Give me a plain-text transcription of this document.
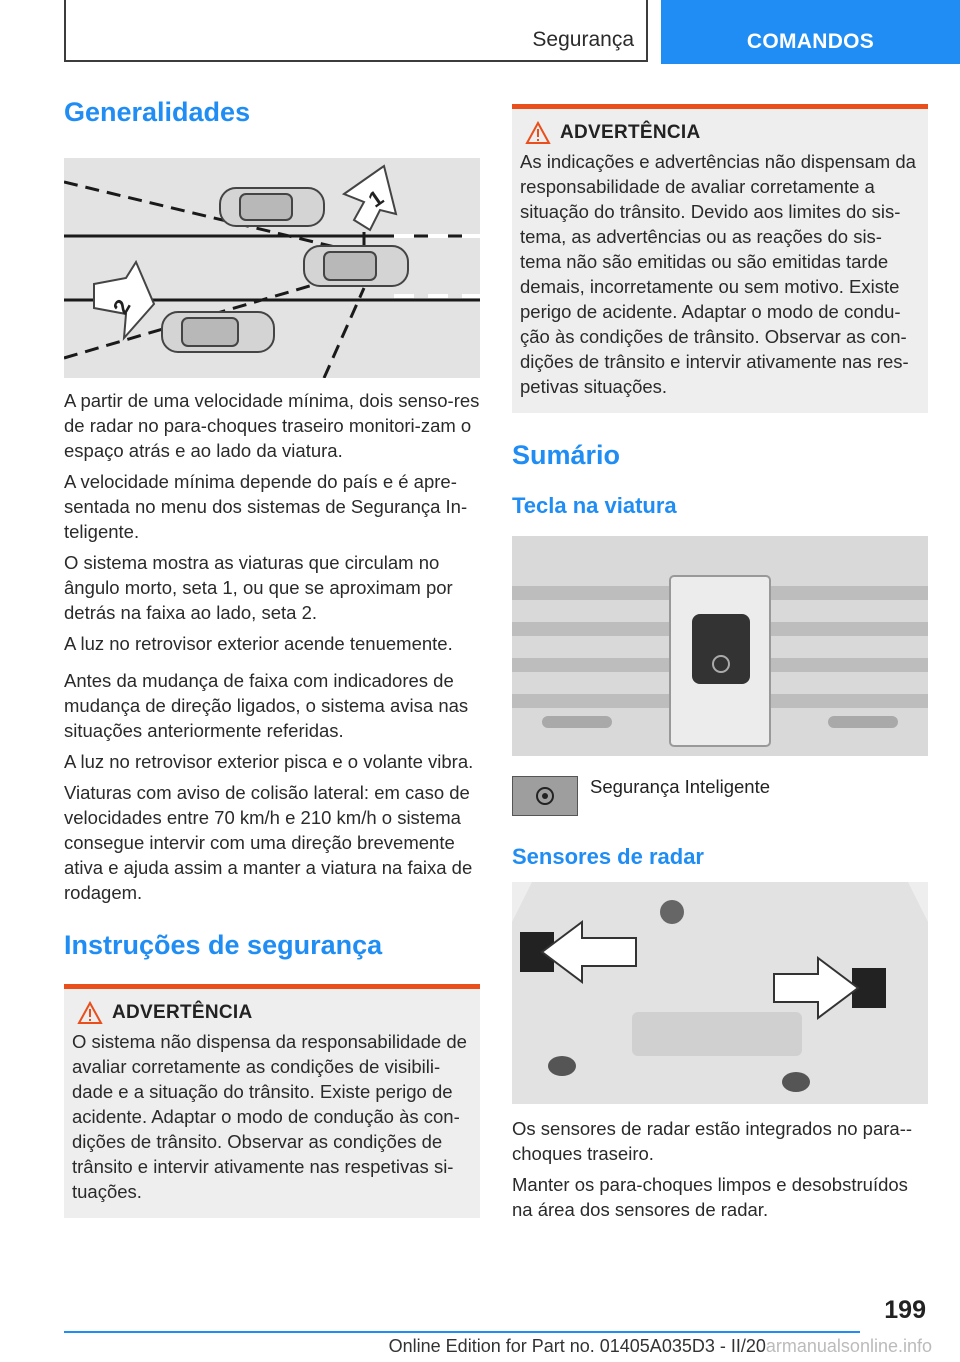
Segurança	COMANDOS
Generalidades
1
2

A partir de uma velocidade mínima, dois senso-res de radar no para-choques traseiro monitori-zam o espaço atrás e ao lado da viatura.

A velocidade mínima depende do país e é apre-sentada no menu dos sistemas de Segurança In-teligente.

O sistema mostra as viaturas que circulam no ângulo morto, seta 1, ou que se aproximam por detrás na faixa ao lado, seta 2.

A luz no retrovisor exterior acende tenuemente.

Antes da mudança de faixa com indicadores de mudança de direção ligados, o sistema avisa nas situações anteriormente referidas.

A luz no retrovisor exterior pisca e o volante vibra.

Viaturas com aviso de colisão lateral: em caso de velocidades entre 70 km/h e 210 km/h o sistema consegue intervir com uma direção brevemente ativa e ajuda assim a manter a viatura na faixa de rodagem.

Instruções de segurança
ADVERTÊNCIA

O sistema não dispensa da responsabilidade de avaliar corretamente as condições de visibili-dade e a situação do trânsito. Existe perigo de acidente. Adaptar o modo de condução às con-dições de trânsito. Observar as condições de trânsito e intervir ativamente nas respetivas si-tuações.

ADVERTÊNCIA

As indicações e advertências não dispensam da responsabilidade de avaliar corretamente a situação do trânsito. Devido aos limites do sis-tema, as advertências ou as reações do sis-tema não são emitidas ou são emitidas tarde demais, incorretamente ou sem motivo. Existe perigo de acidente. Adaptar o modo de condu-ção às condições de trânsito. Observar as con-dições de trânsito e intervir ativamente nas res-petivas situações.

Sumário
Tecla na viatura
Segurança Inteligente
Sensores de radar

Os sensores de radar estão integrados no para--choques traseiro.

Manter os para-choques limpos e desobstruídos na área dos sensores de radar.

199
Online Edition for Part no. 01405A035D3 - II/20armanualsonline.info
